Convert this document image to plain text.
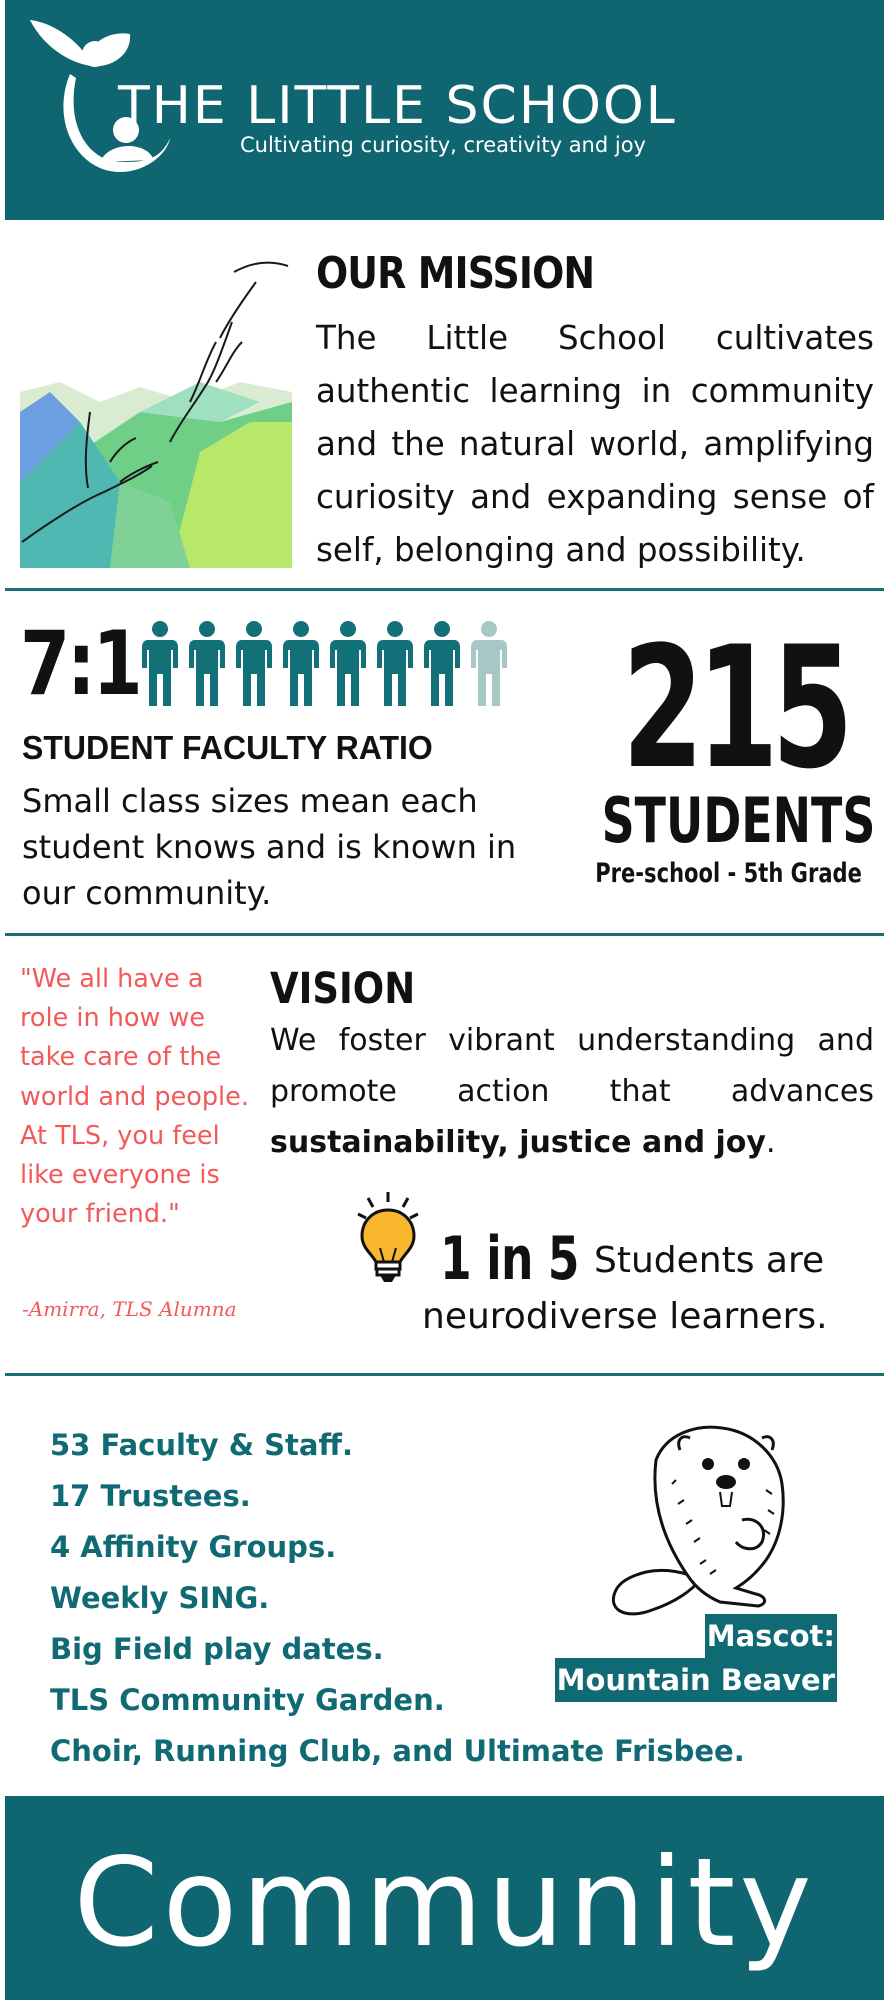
THE LITTLE SCHOOL
Cultivating curiosity, creativity and joy
OUR MISSION
The Little School cultivates authentic learning in community and the natural world, amplifying curiosity and expanding sense of self, belonging and possibility.
7:1
STUDENT FACULTY RATIO
Small class sizes mean each student knows and is known in our community.
215
STUDENTS
Pre-school - 5th Grade
"We all have a role in how we take care of the world and people. At TLS, you feel like everyone is your friend."
-Amirra, TLS Alumna
VISION
We foster vibrant understanding and promote action that advances sustainability, justice and joy.
1 in 5 Students are
neurodiverse learners.
53 Faculty & Staff.
17 Trustees.
4 Affinity Groups.
Weekly SING.
Big Field play dates.
TLS Community Garden.
Choir, Running Club, and Ultimate Frisbee.
Mascot:
Mountain Beaver
Community
